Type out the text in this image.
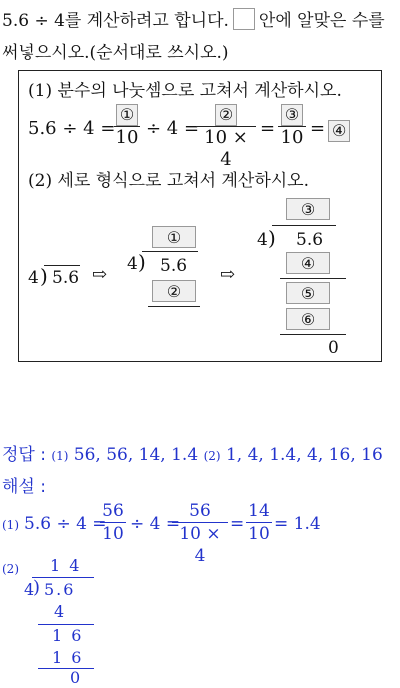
5.6 ÷ 4를 계산하려고 합니다. 안에 알맞은 수를
써넣으시오.(순서대로 쓰시오.)
(1) 분수의 나눗셈으로 고쳐서 계산하시오.
5.6 ÷ 4 =
①
10 ÷ 4 =
②
10 × 4
=
③
10 = ④
(2) 세로 형식으로 고쳐서 계산하시오.
4 ) 5.6 ⇨
①
4 ) 5.6
②
⇨
③
4 ) 5.6
④
⑤
⑥
0
정답 : (1) 56, 56, 14, 1.4 (2) 1, 4, 1.4, 4, 16, 16
해설 :
(1) 5.6 ÷ 4 =
56
10 ÷ 4 =
56
10 × 4
=
14
10 = 1.4
(2) 1 4
4
) 5.6
4
1 6
1 6
0
